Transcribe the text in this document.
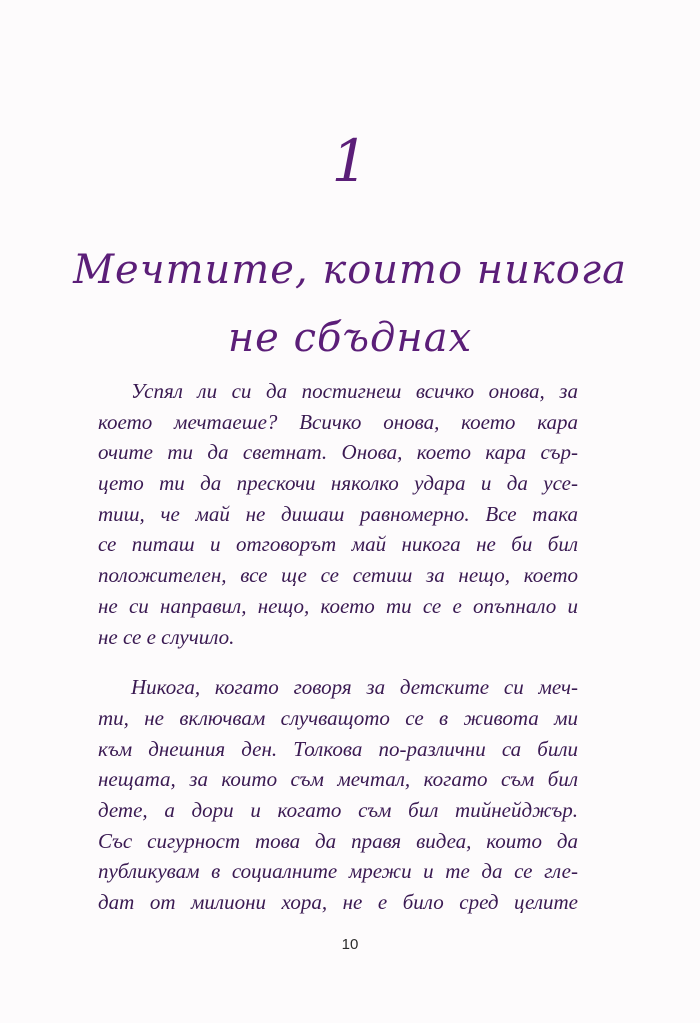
1
Мечтите, които никога
не сбъднах
Успял ли си да постигнеш всичко онова, за
което мечтаеше? Всичко онова, което кара
очите ти да светнат. Онова, което кара сър-
цето ти да прескочи няколко удара и да усе-
тиш, че май не дишаш равномерно. Все така
се питаш и отговорът май никога не би бил
положителен, все ще се сетиш за нещо, което
не си направил, нещо, което ти се е опъпнало и
не се е случило.
Никога, когато говоря за детските си меч-
ти, не включвам случващото се в живота ми
към днешния ден. Толкова по-различни са били
нещата, за които съм мечтал, когато съм бил
дете, а дори и когато съм бил тийнейджър.
Със сигурност това да правя видеа, които да
публикувам в социалните мрежи и те да се гле-
дат от милиони хора, не е било сред целите
10
